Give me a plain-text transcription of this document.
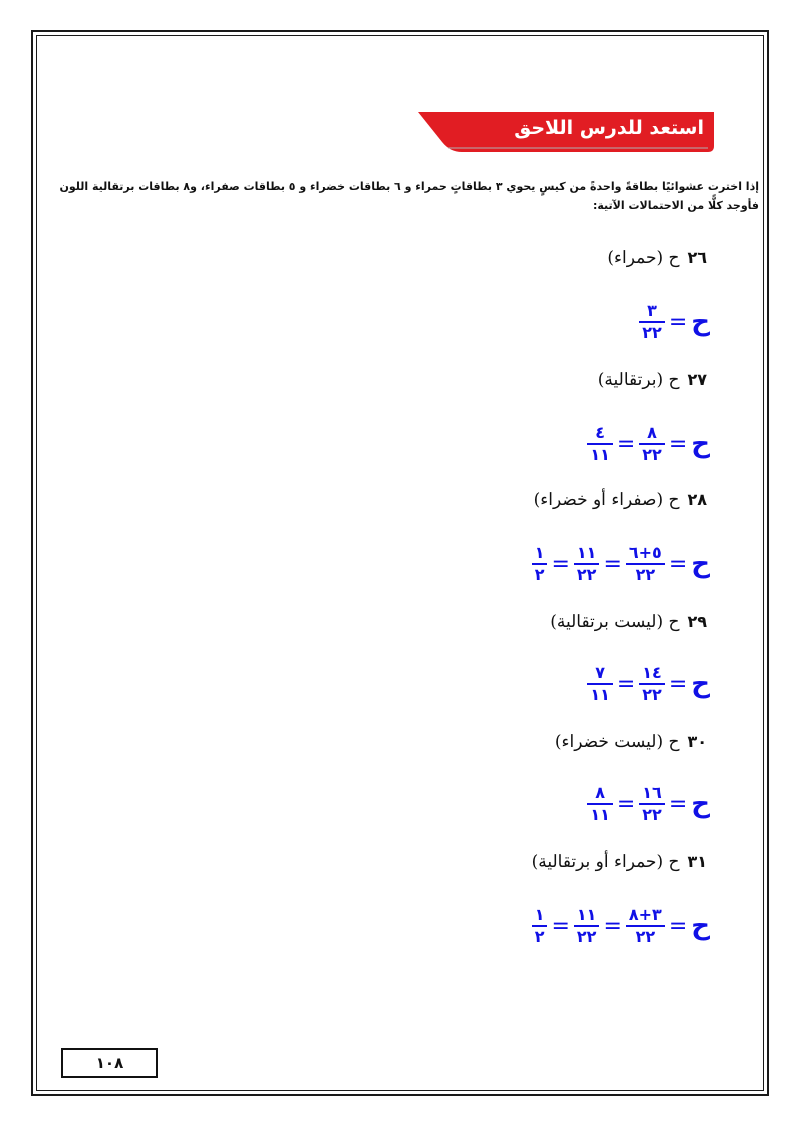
استعد للدرس اللاحق
إذا اخترت عشوائيًا بطاقةً واحدةً من كيسٍ يحوي ٣ بطاقاتٍ حمراء و ٦ بطاقات خضراء و ٥ بطاقات صفراء، و٨ بطاقات برتقالية اللون
فأوجد كلًّا من الاحتمالات الآتية:
٢٦ح (حمراء)
ح
=
$\frac{٣}{٢٢}$
٢٧ح (برتقالية)
ح
=
$\frac{٨}{٢٢}$
=
$\frac{٤}{١١}$
٢٨ح (صفراء أو خضراء)
ح
=
$\frac{٥+٦}{٢٢}$
=
$\frac{١١}{٢٢}$
=
$\frac{١}{٢}$
٢٩ح (ليست برتقالية)
ح
=
$\frac{١٤}{٢٢}$
=
$\frac{٧}{١١}$
٣٠ح (ليست خضراء)
ح
=
$\frac{١٦}{٢٢}$
=
$\frac{٨}{١١}$
٣١ح (حمراء أو برتقالية)
ح
=
$\frac{٣+٨}{٢٢}$
=
$\frac{١١}{٢٢}$
=
$\frac{١}{٢}$
١٠٨
